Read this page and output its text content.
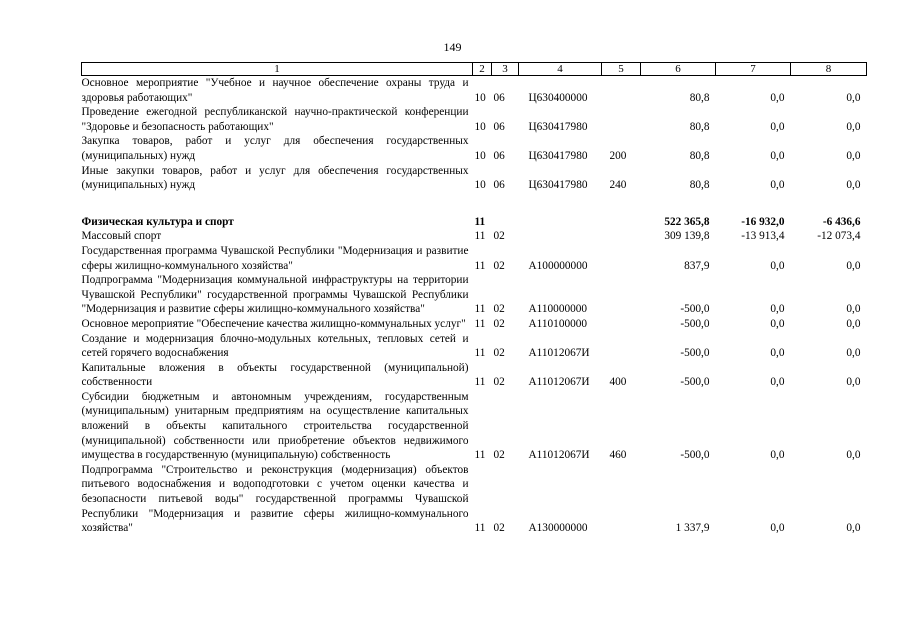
149
1	2	3	4	5	6	7	8
Основное мероприятие "Учебное и научное обеспечение охраны труда и здоровья работающих"	10	06	Ц630400000		80,8	0,0	0,0
Проведение ежегодной республиканской научно-практической конференции "Здоровье и безопасность работающих"	10	06	Ц630417980		80,8	0,0	0,0
Закупка товаров, работ и услуг для обеспечения государственных (муниципальных) нужд	10	06	Ц630417980	200	80,8	0,0	0,0
Иные закупки товаров, работ и услуг для обеспечения государственных (муниципальных) нужд	10	06	Ц630417980	240	80,8	0,0	0,0

Физическая культура и спорт	11				522 365,8	-16 932,0	-6 436,6
Массовый спорт	11	02			309 139,8	-13 913,4	-12 073,4
Государственная программа Чувашской Республики "Модернизация и развитие сферы жилищно-коммунального хозяйства"	11	02	А100000000		837,9	0,0	0,0
Подпрограмма "Модернизация коммунальной инфраструктуры на территории Чувашской Республики" государственной программы Чувашской Республики "Модернизация и развитие сферы жилищно-коммунального хозяйства"	11	02	А110000000		-500,0	0,0	0,0
Основное мероприятие "Обеспечение качества жилищно-коммунальных услуг"	11	02	А110100000		-500,0	0,0	0,0
Создание и модернизация блочно-модульных котельных, тепловых сетей и сетей горячего водоснабжения	11	02	А11012067И		-500,0	0,0	0,0
Капитальные вложения в объекты государственной (муниципальной) собственности	11	02	А11012067И	400	-500,0	0,0	0,0
Субсидии бюджетным и автономным учреждениям, государственным (муниципальным) унитарным предприятиям на осуществление капитальных вложений в объекты капитального строительства государственной (муниципальной) собственности или приобретение объектов недвижимого имущества в государственную (муниципальную) собственность	11	02	А11012067И	460	-500,0	0,0	0,0
Подпрограмма "Строительство и реконструкция (модернизация) объектов питьевого водоснабжения и водоподготовки с учетом оценки качества и безопасности питьевой воды" государственной программы Чувашской Республики "Модернизация и развитие сферы жилищно-коммунального хозяйства"	11	02	А130000000		1 337,9	0,0	0,0
